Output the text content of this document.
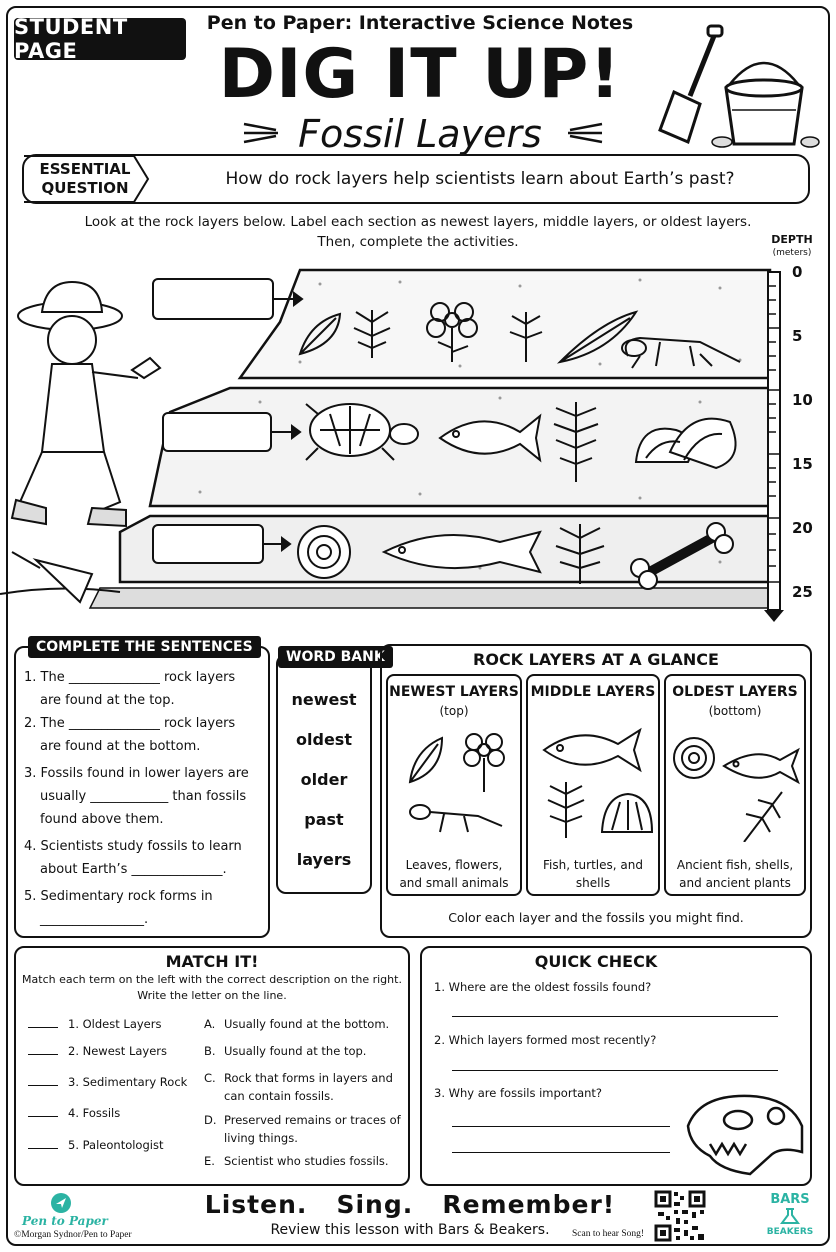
STUDENT PAGE
Pen to Paper: Interactive Science Notes
DIG IT UP!
Fossil Layers
ESSENTIAL QUESTION	How do rock layers help scientists learn about Earth’s past?
Look at the rock layers below. Label each section as newest layers, middle layers, or oldest layers.
Then, complete the activities.	DEPTH
(meters)
0
5
10
15
20
25
COMPLETE THE SENTENCES
1. The ______________ rock layers
are found at the top.
2. The ______________ rock layers
are found at the bottom.
3. Fossils found in lower layers are
usually ____________ than fossils
found above them.
4. Scientists study fossils to learn
about Earth’s ______________.
5. Sedimentary rock forms in
________________.
WORD BANK
newest
oldest
older
past
layers
ROCK LAYERS AT A GLANCE
NEWEST LAYERS
(top)
Leaves, flowers,
and small animals
MIDDLE LAYERS
Fish, turtles, and
shells
OLDEST LAYERS
(bottom)
Ancient fish, shells,
and ancient plants
Color each layer and the fossils you might find.
MATCH IT!
Match each term on the left with the correct description on the right.
Write the letter on the line.
1. Oldest Layers
2. Newest Layers
3. Sedimentary Rock
4. Fossils
5. Paleontologist
A. Usually found at the bottom.
B. Usually found at the top.
C. Rock that forms in layers and
can contain fossils.
D. Preserved remains or traces of
living things.
E. Scientist who studies fossils.
QUICK CHECK
1. Where are the oldest fossils found?
2. Which layers formed most recently?
3. Why are fossils important?
Pen to Paper
©Morgan Sydnor/Pen to Paper
Listen.   Sing.   Remember!
Review this lesson with Bars & Beakers.	Scan to hear Song!
BARS
BEAKERS
